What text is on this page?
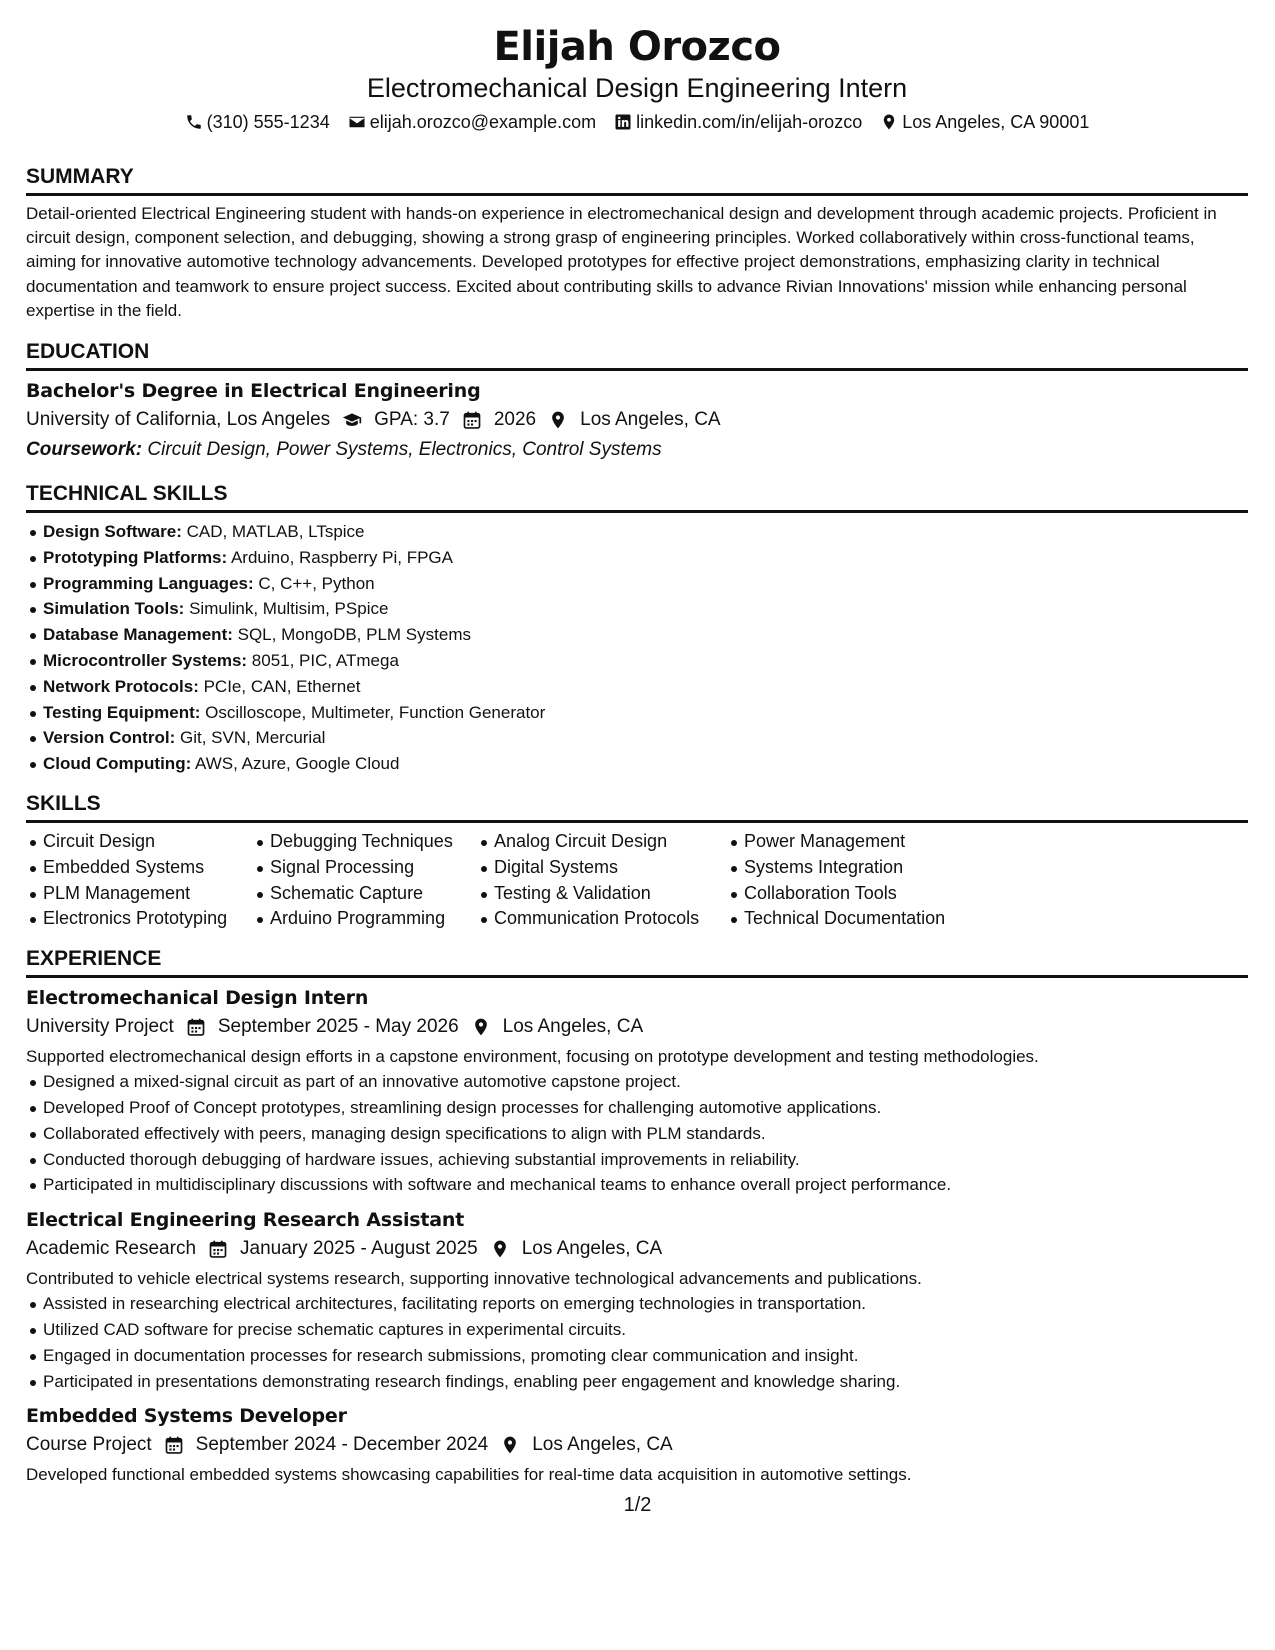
Elijah Orozco
Electromechanical Design Engineering Intern
(310) 555-1234 elijah.orozco@example.com linkedin.com/in/elijah-orozco Los Angeles, CA 90001
SUMMARY

Detail-oriented Electrical Engineering student with hands-on experience in electromechanical design and development through academic projects. Proficient in circuit design, component selection, and debugging, showing a strong grasp of engineering principles. Worked collaboratively within cross-functional teams, aiming for innovative automotive technology advancements. Developed prototypes for effective project demonstrations, emphasizing clarity in technical documentation and teamwork to ensure project success. Excited about contributing skills to advance Rivian Innovations' mission while enhancing personal expertise in the field.

EDUCATION
Bachelor's Degree in Electrical Engineering
University of California, Los Angeles GPA: 3.7 2026 Los Angeles, CA
Coursework: Circuit Design, Power Systems, Electronics, Control Systems
TECHNICAL SKILLS
Design Software: CAD, MATLAB, LTspice
Prototyping Platforms: Arduino, Raspberry Pi, FPGA
Programming Languages: C, C++, Python
Simulation Tools: Simulink, Multisim, PSpice
Database Management: SQL, MongoDB, PLM Systems
Microcontroller Systems: 8051, PIC, ATmega
Network Protocols: PCIe, CAN, Ethernet
Testing Equipment: Oscilloscope, Multimeter, Function Generator
Version Control: Git, SVN, Mercurial
Cloud Computing: AWS, Azure, Google Cloud
SKILLS
Circuit Design
Embedded Systems
PLM Management
Electronics Prototyping
Debugging Techniques
Signal Processing
Schematic Capture
Arduino Programming
Analog Circuit Design
Digital Systems
Testing & Validation
Communication Protocols
Power Management
Systems Integration
Collaboration Tools
Technical Documentation
EXPERIENCE
Electromechanical Design Intern
University Project September 2025 - May 2026 Los Angeles, CA

Supported electromechanical design efforts in a capstone environment, focusing on prototype development and testing methodologies.

Designed a mixed-signal circuit as part of an innovative automotive capstone project.
Developed Proof of Concept prototypes, streamlining design processes for challenging automotive applications.
Collaborated effectively with peers, managing design specifications to align with PLM standards.
Conducted thorough debugging of hardware issues, achieving substantial improvements in reliability.
Participated in multidisciplinary discussions with software and mechanical teams to enhance overall project performance.
Electrical Engineering Research Assistant
Academic Research January 2025 - August 2025 Los Angeles, CA

Contributed to vehicle electrical systems research, supporting innovative technological advancements and publications.

Assisted in researching electrical architectures, facilitating reports on emerging technologies in transportation.
Utilized CAD software for precise schematic captures in experimental circuits.
Engaged in documentation processes for research submissions, promoting clear communication and insight.
Participated in presentations demonstrating research findings, enabling peer engagement and knowledge sharing.
Embedded Systems Developer
Course Project September 2024 - December 2024 Los Angeles, CA

Developed functional embedded systems showcasing capabilities for real-time data acquisition in automotive settings.

1/2
